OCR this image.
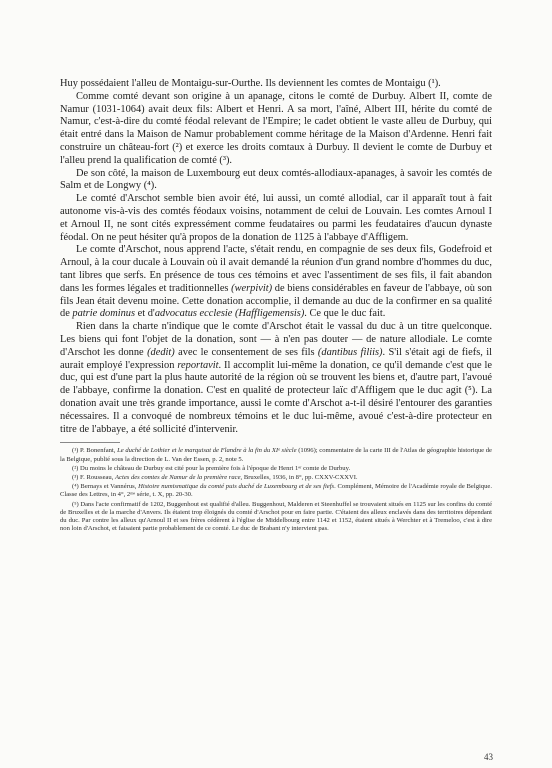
Huy possédaient l'alleu de Montaigu-sur-Ourthe. Ils deviennent les comtes de Montaigu (¹).

Comme comté devant son origine à un apanage, citons le comté de Durbuy. Albert II, comte de Namur (1031-1064) avait deux fils: Albert et Henri. A sa mort, l'aîné, Albert III, hérite du comté de Namur, c'est-à-dire du comté féodal relevant de l'Empire; le cadet obtient le vaste alleu de Durbuy, qui était entré dans la Maison de Namur probablement comme héritage de la Maison d'Ardenne. Henri fait construire un château-fort (²) et exerce les droits comtaux à Durbuy. Il devient le comte de Durbuy et l'alleu prend la qualification de comté (³).

De son côté, la maison de Luxembourg eut deux comtés-allodiaux-apanages, à savoir les comtés de Salm et de Longwy (⁴).

Le comté d'Arschot semble bien avoir été, lui aussi, un comté allodial, car il apparaît tout à fait autonome vis-à-vis des comtés féodaux voisins, notamment de celui de Louvain. Les comtes Arnoul I et Arnoul II, ne sont cités expressément comme feudataires ou parmi les feudataires d'aucun dynaste féodal. On ne peut hésiter qu'à propos de la donation de 1125 à l'abbaye d'Affligem.

Le comte d'Arschot, nous apprend l'acte, s'était rendu, en compagnie de ses deux fils, Godefroid et Arnoul, à la cour ducale à Louvain où il avait demandé la réunion d'un grand nombre d'hommes du duc, tant libres que serfs. En présence de tous ces témoins et avec l'assentiment de ses fils, il fait abandon dans les formes légales et traditionnelles (werpivit) de biens considérables en faveur de l'abbaye, où son fils Jean était devenu moine. Cette donation accomplie, il demande au duc de la confirmer en sa qualité de patrie dominus et d'advocatus ecclesie (Haffligemensis). Ce que le duc fait.

Rien dans la charte n'indique que le comte d'Arschot était le vassal du duc à un titre quelconque. Les biens qui font l'objet de la donation, sont — à n'en pas douter — de nature allodiale. Le comte d'Arschot les donne (dedit) avec le consentement de ses fils (dantibus filiis). S'il s'était agi de fiefs, il aurait employé l'expression reportavit. Il accomplit lui-même la donation, ce qu'il demande c'est que le duc, qui est d'une part la plus haute autorité de la région où se trouvent les biens et, d'autre part, l'avoué de l'abbaye, confirme la donation. C'est en qualité de protecteur laïc d'Affligem que le duc agit (⁵). La donation avait une très grande importance, aussi le comte d'Arschot a-t-il désiré l'entourer des garanties nécessaires. Il a convoqué de nombreux témoins et le duc lui-même, avoué c'est-à-dire protecteur en titre de l'abbaye, a été sollicité d'intervenir.

(¹) P. Bonenfant, Le duché de Lothier et le marquisat de Flandre à la fin du XIᵉ siècle (1096); commentaire de la carte III de l'Atlas de géographie historique de la Belgique, publié sous la direction de L. Van der Essen, p. 2, note 5.

(²) Du moins le château de Durbuy est cité pour la première fois à l'époque de Henri 1ᵉʳ comte de Durbuy.

(³) F. Rousseau, Actes des comtes de Namur de la première race, Bruxelles, 1936, in 8°, pp. CXXV-CXXVI.

(⁴) Bernays et Vannérus, Histoire numismatique du comté puis duché de Luxembourg et de ses fiefs. Complément, Mémoire de l'Académie royale de Belgique. Classe des Lettres, in 4°, 2ᵐᵉ série, t. X, pp. 20-30.

(⁵) Dans l'acte confirmatif de 1202, Buggenhout est qualifié d'alleu. Buggenhout, Malderen et Steenhuffel se trouvaient situés en 1125 sur les confins du comté de Bruxelles et de la marche d'Anvers. Ils étaient trop éloignés du comté d'Arschot pour en faire partie. C'étaient des alleux enclavés dans des territoires dépendant du duc. Par contre les alleux qu'Arnoul II et ses frères cédèrent à l'église de Middelbourg entre 1142 et 1152, étaient situés à Werchter et à Tremeloo, c'est à dire non loin d'Arschot, et faisaient partie probablement de ce comté. Le duc de Brabant n'y intervient pas.

43
